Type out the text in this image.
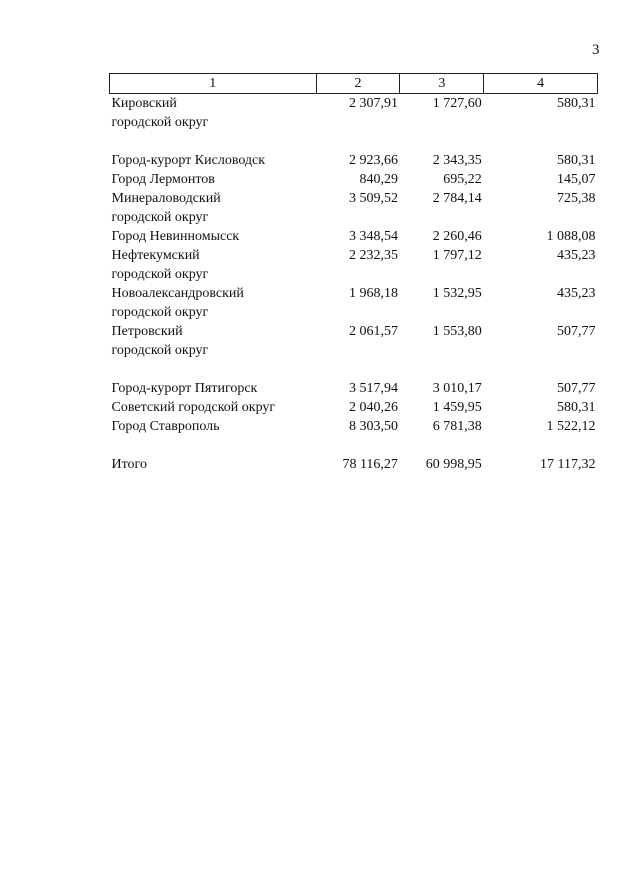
3
1	2	3	4
Кировский
городской округ	2 307,91	1 727,60	580,31
Город-курорт Кисловодск	2 923,66	2 343,35	580,31
Город Лермонтов	840,29	695,22	145,07
Минераловодский
городской округ	3 509,52	2 784,14	725,38
Город Невинномысск	3 348,54	2 260,46	1 088,08
Нефтекумский
городской округ	2 232,35	1 797,12	435,23
Новоалександровский
городской округ	1 968,18	1 532,95	435,23
Петровский
городской округ	2 061,57	1 553,80	507,77
Город-курорт Пятигорск	3 517,94	3 010,17	507,77
Советский городской округ	2 040,26	1 459,95	580,31
Город Ставрополь	8 303,50	6 781,38	1 522,12
Итого	78 116,27	60 998,95	17 117,32
